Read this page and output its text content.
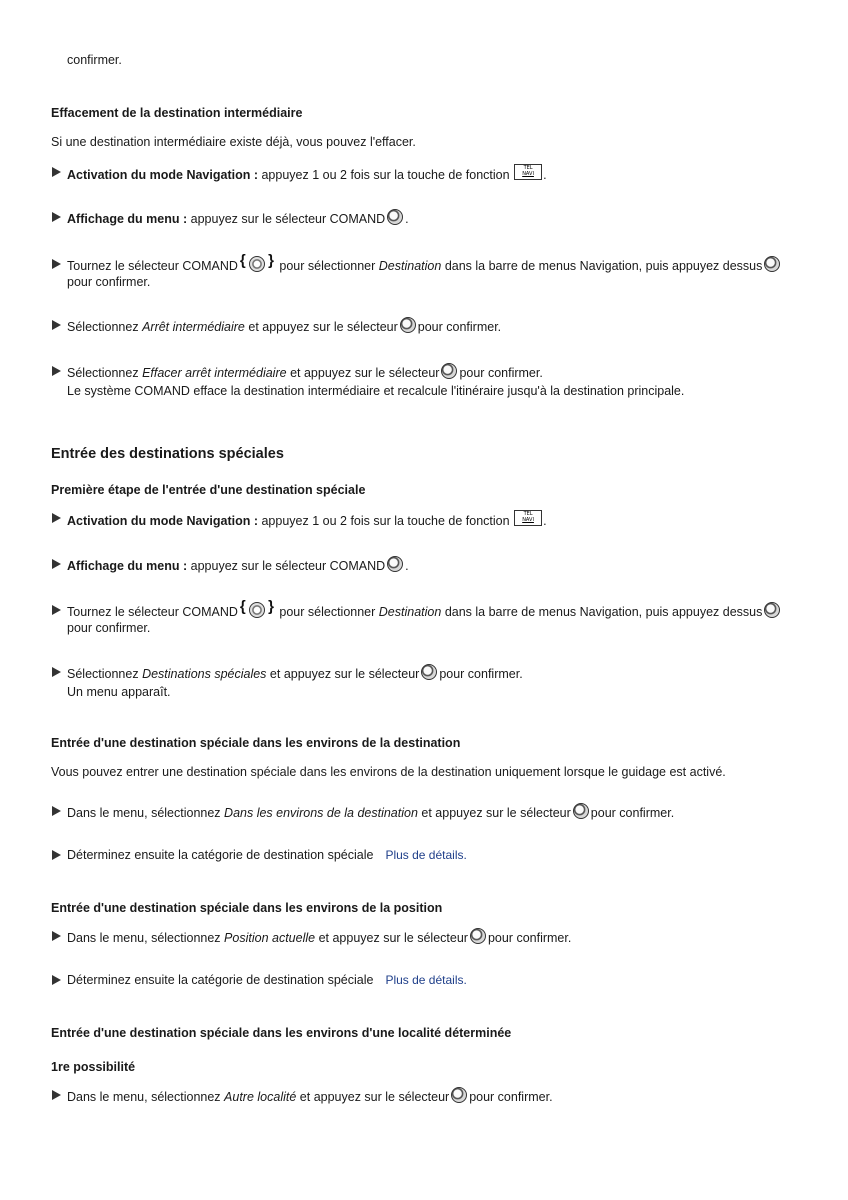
confirmer.
Effacement de la destination intermédiaire
Si une destination intermédiaire existe déjà, vous pouvez l'effacer.
Activation du mode Navigation : appuyez 1 ou 2 fois sur la touche de fonction	TEL
NAVI .
Affichage du menu : appuyez sur le sélecteur COMAND .
Tournez le sélecteur COMAND { } pour sélectionner Destination dans la barre de menus Navigation, puis appuyez dessus
pour confirmer.
Sélectionnez Arrêt intermédiaire et appuyez sur le sélecteur pour confirmer.
Sélectionnez Effacer arrêt intermédiaire et appuyez sur le sélecteur pour confirmer.
Le système COMAND efface la destination intermédiaire et recalcule l'itinéraire jusqu'à la destination principale.
Entrée des destinations spéciales
Première étape de l'entrée d'une destination spéciale
Activation du mode Navigation : appuyez 1 ou 2 fois sur la touche de fonction	TEL
NAVI .
Affichage du menu : appuyez sur le sélecteur COMAND .
Tournez le sélecteur COMAND { } pour sélectionner Destination dans la barre de menus Navigation, puis appuyez dessus
pour confirmer.
Sélectionnez Destinations spéciales et appuyez sur le sélecteur pour confirmer.
Un menu apparaît.
Entrée d'une destination spéciale dans les environs de la destination
Vous pouvez entrer une destination spéciale dans les environs de la destination uniquement lorsque le guidage est activé.
Dans le menu, sélectionnez Dans les environs de la destination et appuyez sur le sélecteur pour confirmer.
Déterminez ensuite la catégorie de destination spéciale Plus de détails.
Entrée d'une destination spéciale dans les environs de la position
Dans le menu, sélectionnez Position actuelle et appuyez sur le sélecteur pour confirmer.
Déterminez ensuite la catégorie de destination spéciale Plus de détails.
Entrée d'une destination spéciale dans les environs d'une localité déterminée
1re possibilité
Dans le menu, sélectionnez Autre localité et appuyez sur le sélecteur pour confirmer.
